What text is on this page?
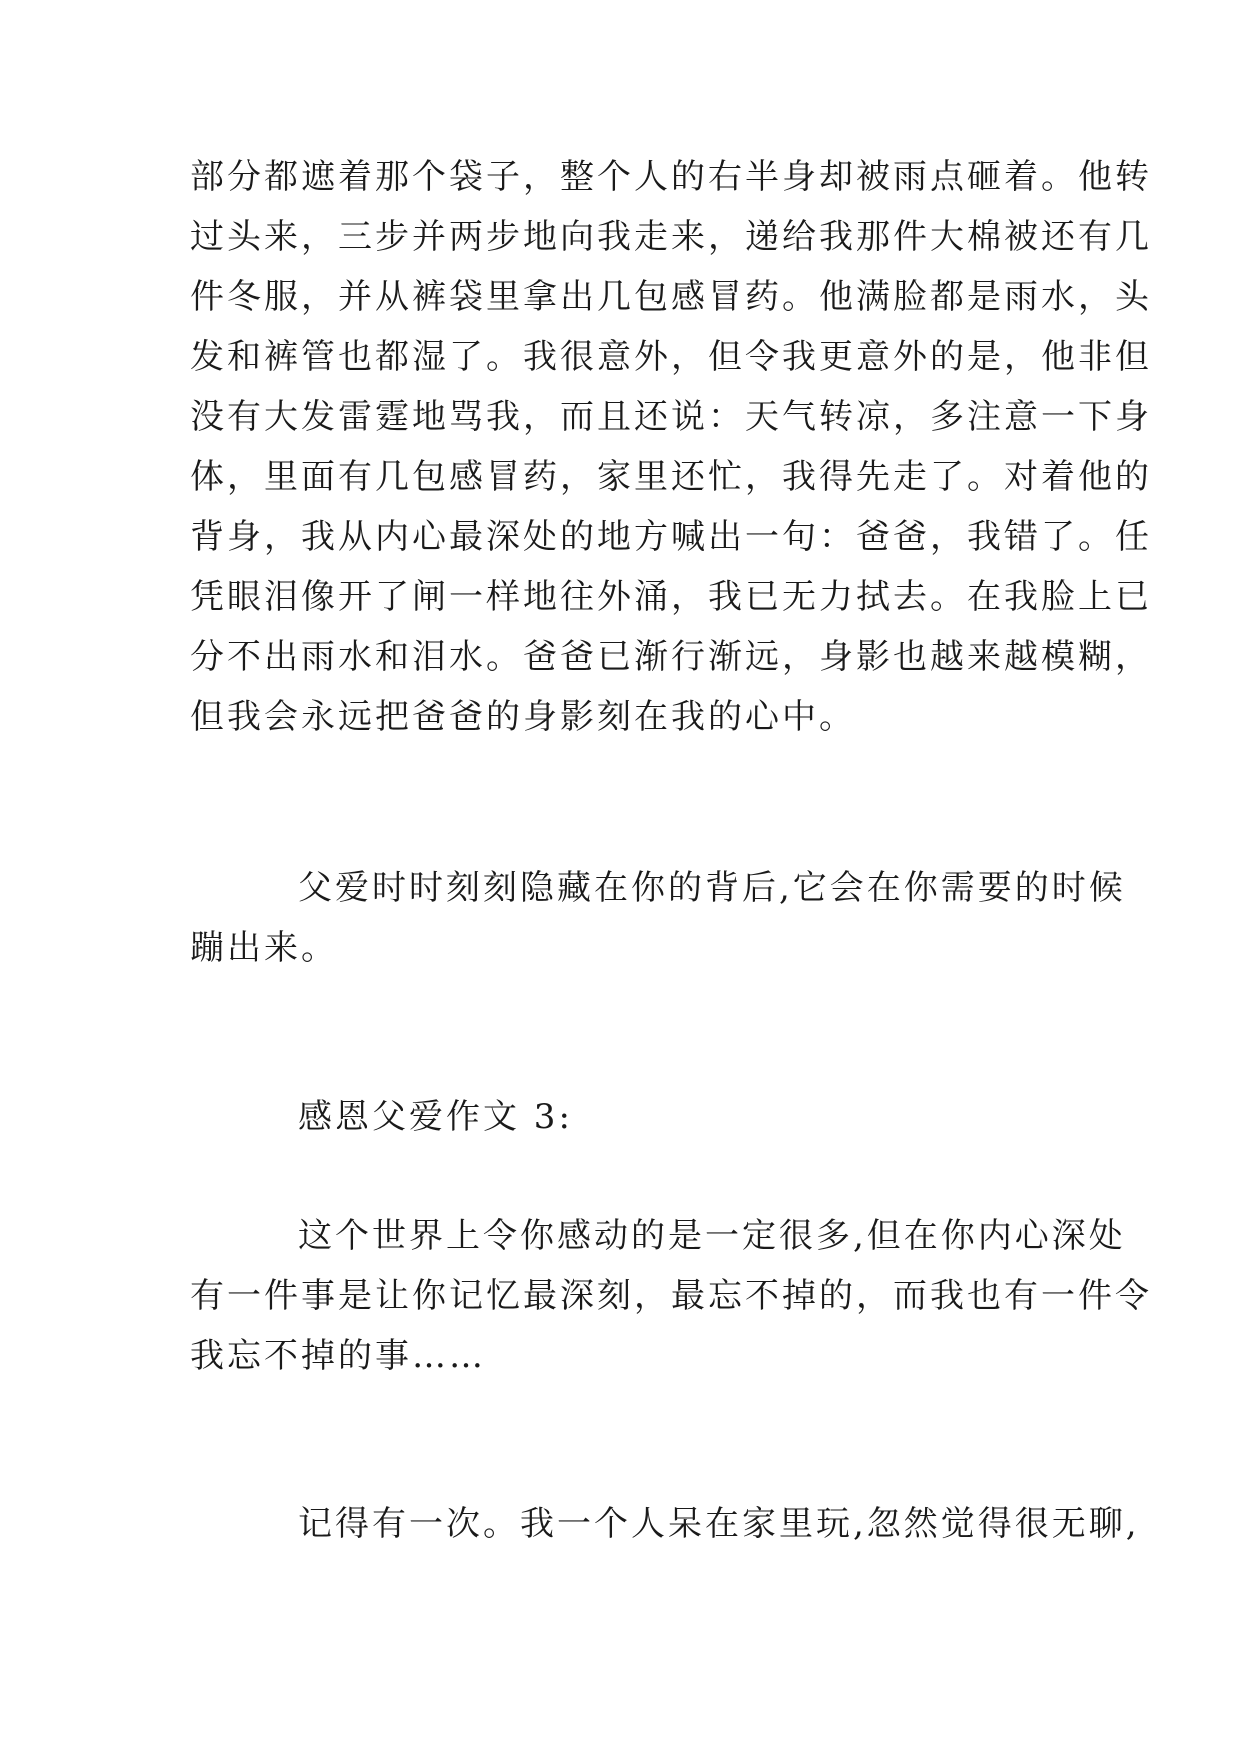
部分都遮着那个袋子，整个人的右半身却被雨点砸着。他转
过头来，三步并两步地向我走来，递给我那件大棉被还有几
件冬服，并从裤袋里拿出几包感冒药。他满脸都是雨水，头
发和裤管也都湿了。我很意外，但令我更意外的是，他非但
没有大发雷霆地骂我，而且还说：天气转凉，多注意一下身
体，里面有几包感冒药，家里还忙，我得先走了。对着他的
背身，我从内心最深处的地方喊出一句：爸爸，我错了。任
凭眼泪像开了闸一样地往外涌，我已无力拭去。在我脸上已
分不出雨水和泪水。爸爸已渐行渐远，身影也越来越模糊，
但我会永远把爸爸的身影刻在我的心中。
父爱时时刻刻隐藏在你的背后,它会在你需要的时候
蹦出来。
感恩父爱作文 3:
这个世界上令你感动的是一定很多,但在你内心深处
有一件事是让你记忆最深刻，最忘不掉的，而我也有一件令
我忘不掉的事……
记得有一次。我一个人呆在家里玩,忽然觉得很无聊,
